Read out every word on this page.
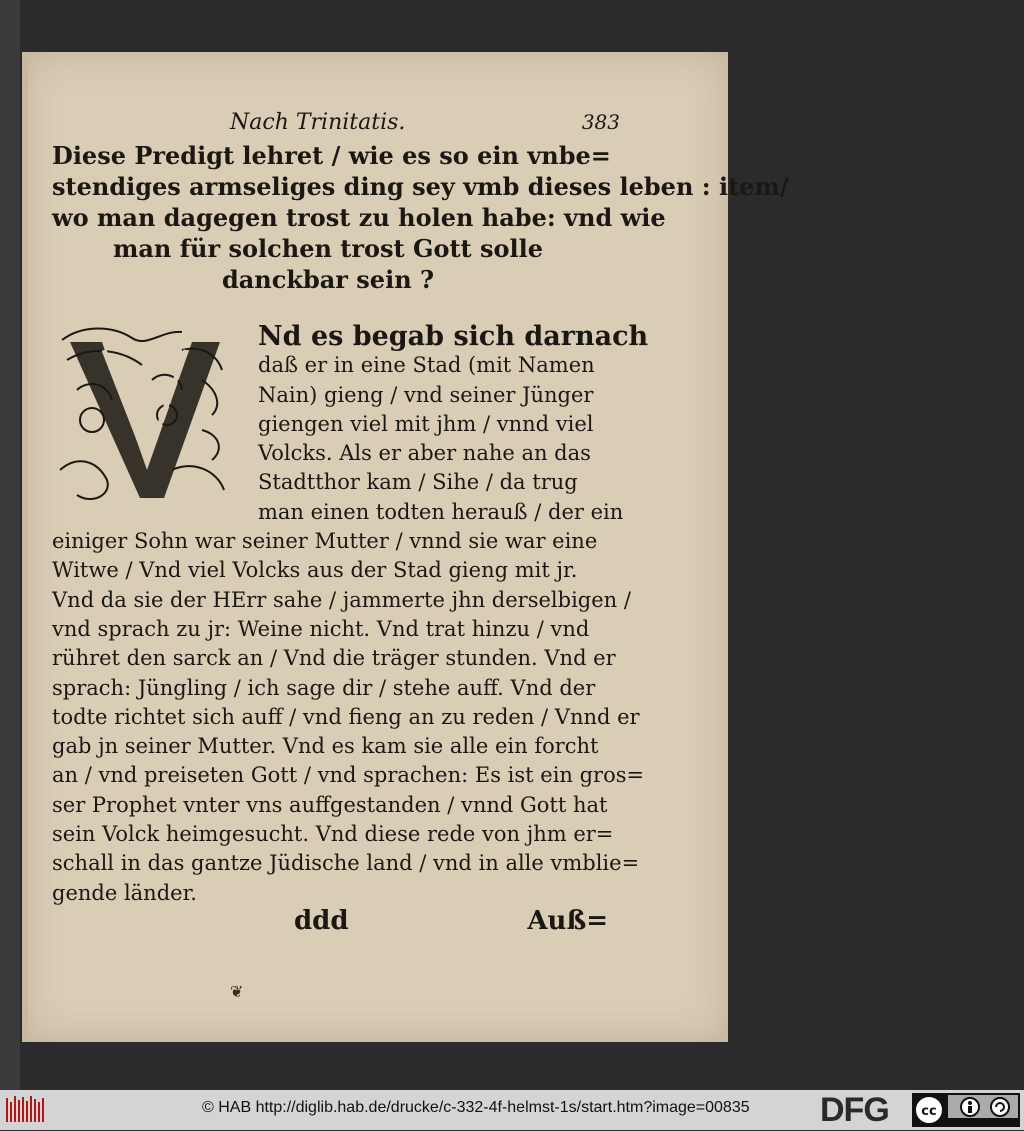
Nach Trinitatis.	383
Diese Predigt lehret / wie es so ein vnbe=
stendiges armseliges ding sey vmb dieses leben : item/
wo man dagegen trost zu holen habe: vnd wie
man für solchen trost Gott solle
danckbar sein ?
V
Nd es begab sich darnach
daß er in eine Stad (mit Namen
Nain) gieng / vnd seiner Jünger
giengen viel mit jhm / vnnd viel
Volcks. Als er aber nahe an das
Stadtthor kam / Sihe / da trug
man einen todten herauß / der ein
einiger Sohn war seiner Mutter / vnnd sie war eine
Witwe / Vnd viel Volcks aus der Stad gieng mit jr.
Vnd da sie der HErr sahe / jammerte jhn derselbigen /
vnd sprach zu jr: Weine nicht. Vnd trat hinzu / vnd
rühret den sarck an / Vnd die träger stunden. Vnd er
sprach: Jüngling / ich sage dir / stehe auff. Vnd der
todte richtet sich auff / vnd fieng an zu reden / Vnnd er
gab jn seiner Mutter. Vnd es kam sie alle ein forcht
an / vnd preiseten Gott / vnd sprachen: Es ist ein gros=
ser Prophet vnter vns auffgestanden / vnnd Gott hat
sein Volck heimgesucht. Vnd diese rede von jhm er=
schall in das gantze Jüdische land / vnd in alle vmblie=
gende länder.
ddd	Auß=
❦
© HAB http://diglib.hab.de/drucke/c-332-4f-helmst-1s/start.htm?image=00835 DFG	cc
